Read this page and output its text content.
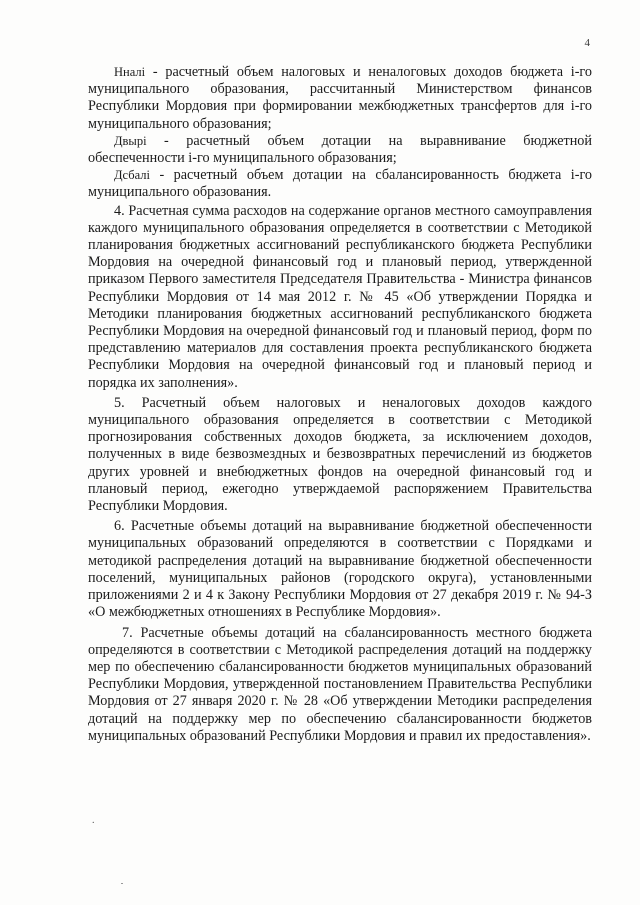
4

Нналi - расчетный объем налоговых и неналоговых доходов бюджета i-го муниципального образования, рассчитанный Министерством финансов Республики Мордовия при формировании межбюджетных трансфертов для i-го муниципального образования;

Двырi - расчетный объем дотации на выравнивание бюджетной обеспеченности i-го муниципального образования;

Дсбалi - расчетный объем дотации на сбалансированность бюджета i-го муниципального образования.

4. Расчетная сумма расходов на содержание органов местного самоуправления каждого муниципального образования определяется в соответствии с Методикой планирования бюджетных ассигнований республиканского бюджета Республики Мордовия на очередной финансовый год и плановый период, утвержденной приказом Первого заместителя Председателя Правительства - Министра финансов Республики Мордовия от 14 мая 2012 г. № 45 «Об утверждении Порядка и Методики планирования бюджетных ассигнований республиканского бюджета Республики Мордовия на очередной финансовый год и плановый период, форм по представлению материалов для составления проекта республиканского бюджета Республики Мордовия на очередной финансовый год и плановый период и порядка их заполнения».

5. Расчетный объем налоговых и неналоговых доходов каждого муниципального образования определяется в соответствии с Методикой прогнозирования собственных доходов бюджета, за исключением доходов, полученных в виде безвозмездных и безвозвратных перечислений из бюджетов других уровней и внебюджетных фондов на очередной финансовый год и плановый период, ежегодно утверждаемой распоряжением Правительства Республики Мордовия.

6. Расчетные объемы дотаций на выравнивание бюджетной обеспеченности муниципальных образований определяются в соответствии с Порядками и методикой распределения дотаций на выравнивание бюджетной обеспеченности поселений, муниципальных районов (городского округа), установленными приложениями 2 и 4 к Закону Республики Мордовия от 27 декабря 2019 г. № 94-З «О межбюджетных отношениях в Республике Мордовия».

7. Расчетные объемы дотаций на сбалансированность местного бюджета определяются в соответствии с Методикой распределения дотаций на поддержку мер по обеспечению сбалансированности бюджетов муниципальных образований Республики Мордовия, утвержденной постановлением Правительства Республики Мордовия от 27 января 2020 г. № 28 «Об утверждении Методики распределения дотаций на поддержку мер по обеспечению сбалансированности бюджетов муниципальных образований Республики Мордовия и правил их предоставления».

.
